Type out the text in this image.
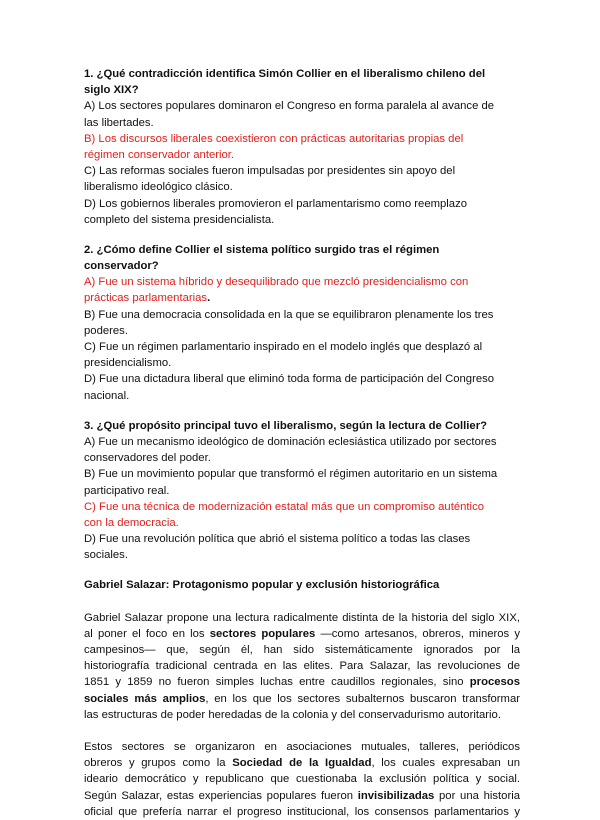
1. ¿Qué contradicción identifica Simón Collier en el liberalismo chileno del
siglo XIX?
A) Los sectores populares dominaron el Congreso en forma paralela al avance de
las libertades.
B) Los discursos liberales coexistieron con prácticas autoritarias propias del
régimen conservador anterior.
C) Las reformas sociales fueron impulsadas por presidentes sin apoyo del
liberalismo ideológico clásico.
D) Los gobiernos liberales promovieron el parlamentarismo como reemplazo
completo del sistema presidencialista.
2. ¿Cómo define Collier el sistema político surgido tras el régimen
conservador?
A) Fue un sistema híbrido y desequilibrado que mezcló presidencialismo con
prácticas parlamentarias.
B) Fue una democracia consolidada en la que se equilibraron plenamente los tres
poderes.
C) Fue un régimen parlamentario inspirado en el modelo inglés que desplazó al
presidencialismo.
D) Fue una dictadura liberal que eliminó toda forma de participación del Congreso
nacional.
3. ¿Qué propósito principal tuvo el liberalismo, según la lectura de Collier?
A) Fue un mecanismo ideológico de dominación eclesiástica utilizado por sectores
conservadores del poder.
B) Fue un movimiento popular que transformó el régimen autoritario en un sistema
participativo real.
C) Fue una técnica de modernización estatal más que un compromiso auténtico
con la democracia.
D) Fue una revolución política que abrió el sistema político a todas las clases
sociales.
Gabriel Salazar: Protagonismo popular y exclusión historiográfica
Gabriel Salazar propone una lectura radicalmente distinta de la historia del siglo XIX,
al poner el foco en los sectores populares —como artesanos, obreros, mineros y
campesinos— que, según él, han sido sistemáticamente ignorados por la
historiografía tradicional centrada en las elites. Para Salazar, las revoluciones de
1851 y 1859 no fueron simples luchas entre caudillos regionales, sino procesos
sociales más amplios, en los que los sectores subalternos buscaron transformar
las estructuras de poder heredadas de la colonia y del conservadurismo autoritario.
Estos sectores se organizaron en asociaciones mutuales, talleres, periódicos
obreros y grupos como la Sociedad de la Igualdad, los cuales expresaban un
ideario democrático y republicano que cuestionaba la exclusión política y social.
Según Salazar, estas experiencias populares fueron invisibilizadas por una historia
oficial que prefería narrar el progreso institucional, los consensos parlamentarios y
